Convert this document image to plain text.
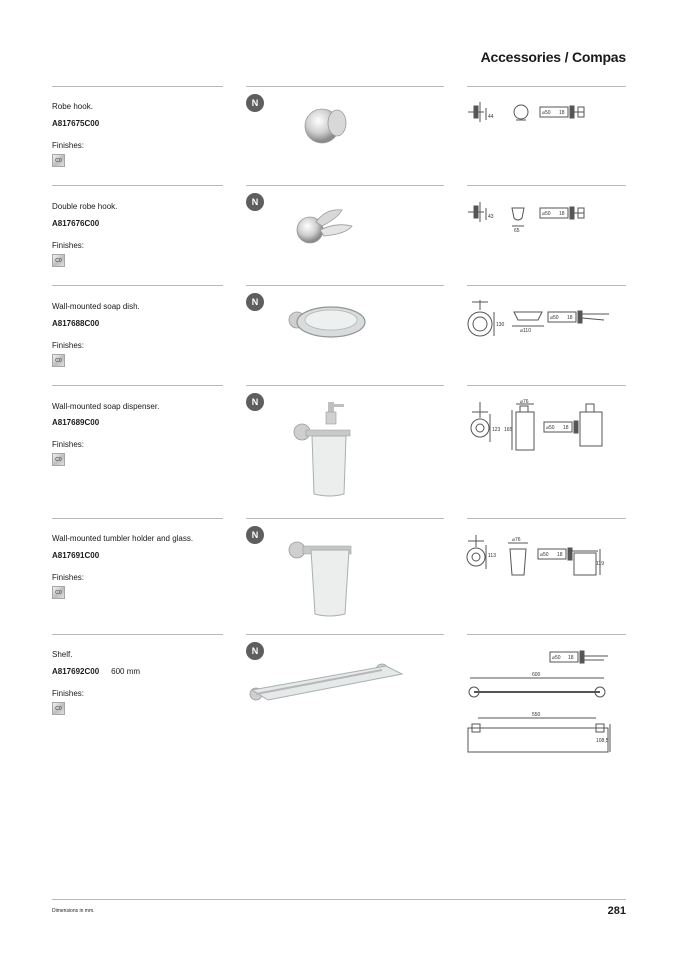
Accessories / Compas
Robe hook.
A817675C00
Finishes:
C0
N
44
⌀50 18
Double robe hook.
A817676C00
Finishes:
C0
N
43
65
⌀50 18
Wall-mounted soap dish.
A817688C00
Finishes:
C0
N
130
⌀110
⌀50 18
Wall-mounted soap dispenser.
A817689C00
Finishes:
C0
N
123 165
⌀76
⌀50 18
Wall-mounted tumbler holder and glass.
A817691C00
Finishes:
C0
N
113
⌀76
⌀50 18
119
Shelf.
A817692C00 600 mm
Finishes:
C0
N
⌀50 18
600
550
108,5
Dimensions in mm.	281
